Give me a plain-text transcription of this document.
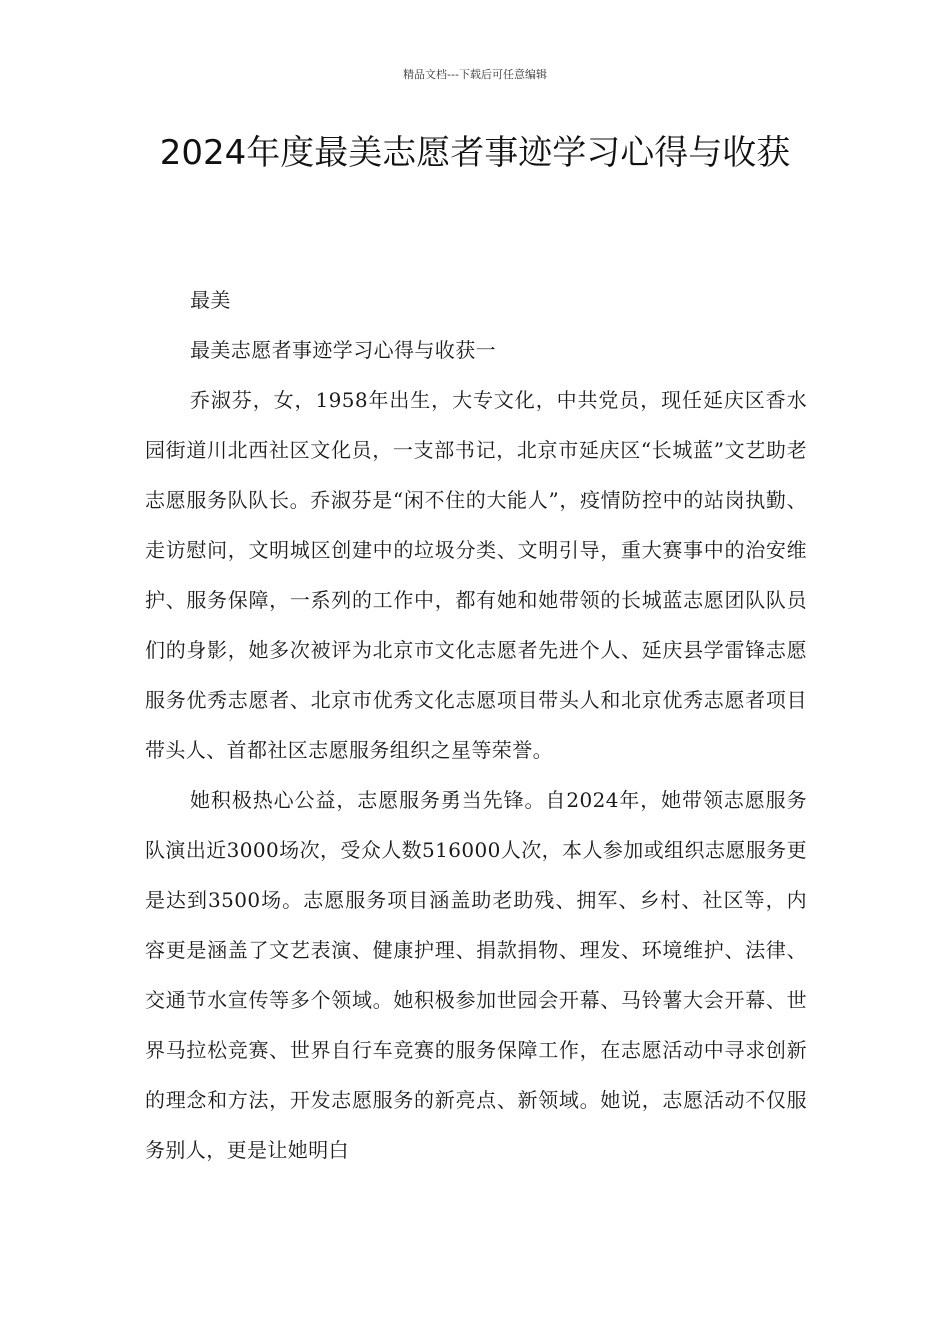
精品文档---下载后可任意编辑
2024年度最美志愿者事迹学习心得与收获

最美

最美志愿者事迹学习心得与收获一

乔淑芬，女，1958年出生，大专文化，中共党员，现任延庆区香水园街道川北西社区文化员，一支部书记，北京市延庆区“长城蓝”文艺助老志愿服务队队长。乔淑芬是“闲不住的大能人”，疫情防控中的站岗执勤、走访慰问，文明城区创建中的垃圾分类、文明引导，重大赛事中的治安维护、服务保障，一系列的工作中，都有她和她带领的长城蓝志愿团队队员们的身影，她多次被评为北京市文化志愿者先进个人、延庆县学雷锋志愿服务优秀志愿者、北京市优秀文化志愿项目带头人和北京优秀志愿者项目带头人、首都社区志愿服务组织之星等荣誉。

她积极热心公益，志愿服务勇当先锋。自2024年，她带领志愿服务队演出近3000场次，受众人数516000人次，本人参加或组织志愿服务更是达到3500场。志愿服务项目涵盖助老助残、拥军、乡村、社区等，内容更是涵盖了文艺表演、健康护理、捐款捐物、理发、环境维护、法律、交通节水宣传等多个领域。她积极参加世园会开幕、马铃薯大会开幕、世界马拉松竞赛、世界自行车竞赛的服务保障工作，在志愿活动中寻求创新的理念和方法，开发志愿服务的新亮点、新领域。她说，志愿活动不仅服务别人，更是让她明白
